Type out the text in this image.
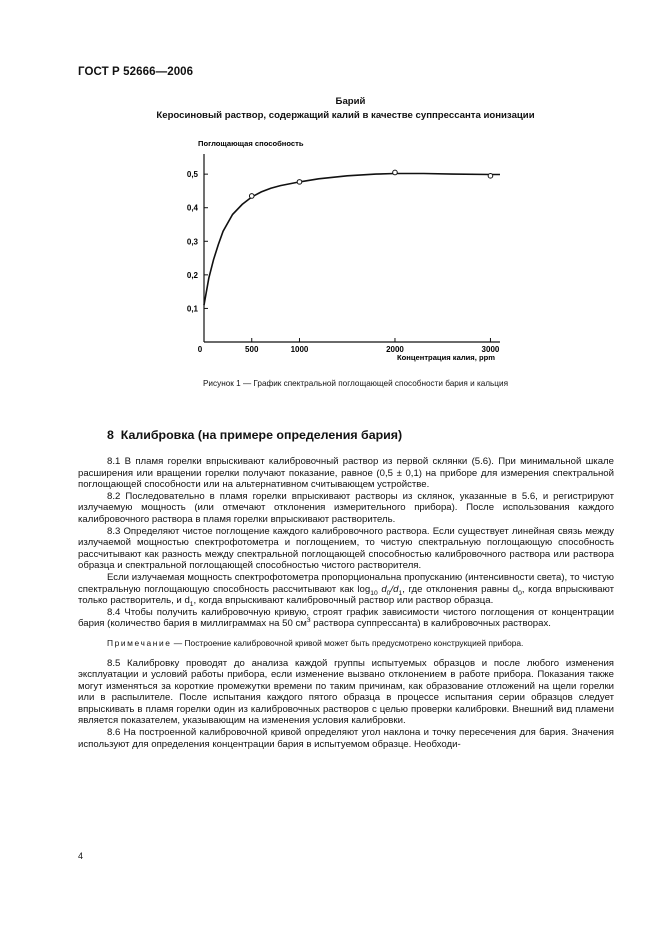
ГОСТ Р 52666—2006
Барий
Керосиновый раствор, содержащий калий в качестве суппрессанта ионизации
Поглощающая способность
Концентрация калия, ppm
0,1
0,2
0,3
0,4
0,5
0	500	1000	2000	3000
Рисунок 1 — График спектральной поглощающей способности бария и кальция
8 Калибровка (на примере определения бария)

8.1 В пламя горелки впрыскивают калибровочный раствор из первой склянки (5.6). При минимальной шкале расширения или вращении горелки получают показание, равное (0,5 ± 0,1) на приборе для измерения спектральной поглощающей способности или на альтернативном считывающем устройстве.

8.2 Последовательно в пламя горелки впрыскивают растворы из склянок, указанные в 5.6, и регистрируют излучаемую мощность (или отмечают отклонения измерительного прибора). После использования каждого калибровочного раствора в пламя горелки впрыскивают растворитель.

8.3 Определяют чистое поглощение каждого калибровочного раствора. Если существует линейная связь между излучаемой мощностью спектрофотометра и поглощением, то чистую спектральную поглощающую способность рассчитывают как разность между спектральной поглощающей способностью калибровочного раствора или раствора образца и спектральной поглощающей способностью чистого растворителя.

Если излучаемая мощность спектрофотометра пропорциональна пропусканию (интенсивности света), то чистую спектральную поглощающую способность рассчитывают как $\log_{10} d_0/d_1$, где отклонения равны $d_0$, когда впрыскивают только растворитель, и $d_1$, когда впрыскивают калибровочный раствор или раствор образца.

8.4 Чтобы получить калибровочную кривую, строят график зависимости чистого поглощения от концентрации бария (количество бария в миллиграммах на 50 $см^3$ раствора суппрессанта) в калибровочных растворах.

Примечание — Построение калибровочной кривой может быть предусмотрено конструкцией прибора.

8.5 Калибровку проводят до анализа каждой группы испытуемых образцов и после любого изменения эксплуатации и условий работы прибора, если изменение вызвано отклонением в работе прибора. Показания также могут изменяться за короткие промежутки времени по таким причинам, как образование отложений на щели горелки или в распылителе. После испытания каждого пятого образца в процессе испытания серии образцов следует впрыскивать в пламя горелки один из калибровочных растворов с целью проверки калибровки. Внешний вид пламени является показателем, указывающим на изменения условия калибровки.

8.6 На построенной калибровочной кривой определяют угол наклона и точку пересечения для бария. Значения используют для определения концентрации бария в испытуемом образце. Необходи-

4
